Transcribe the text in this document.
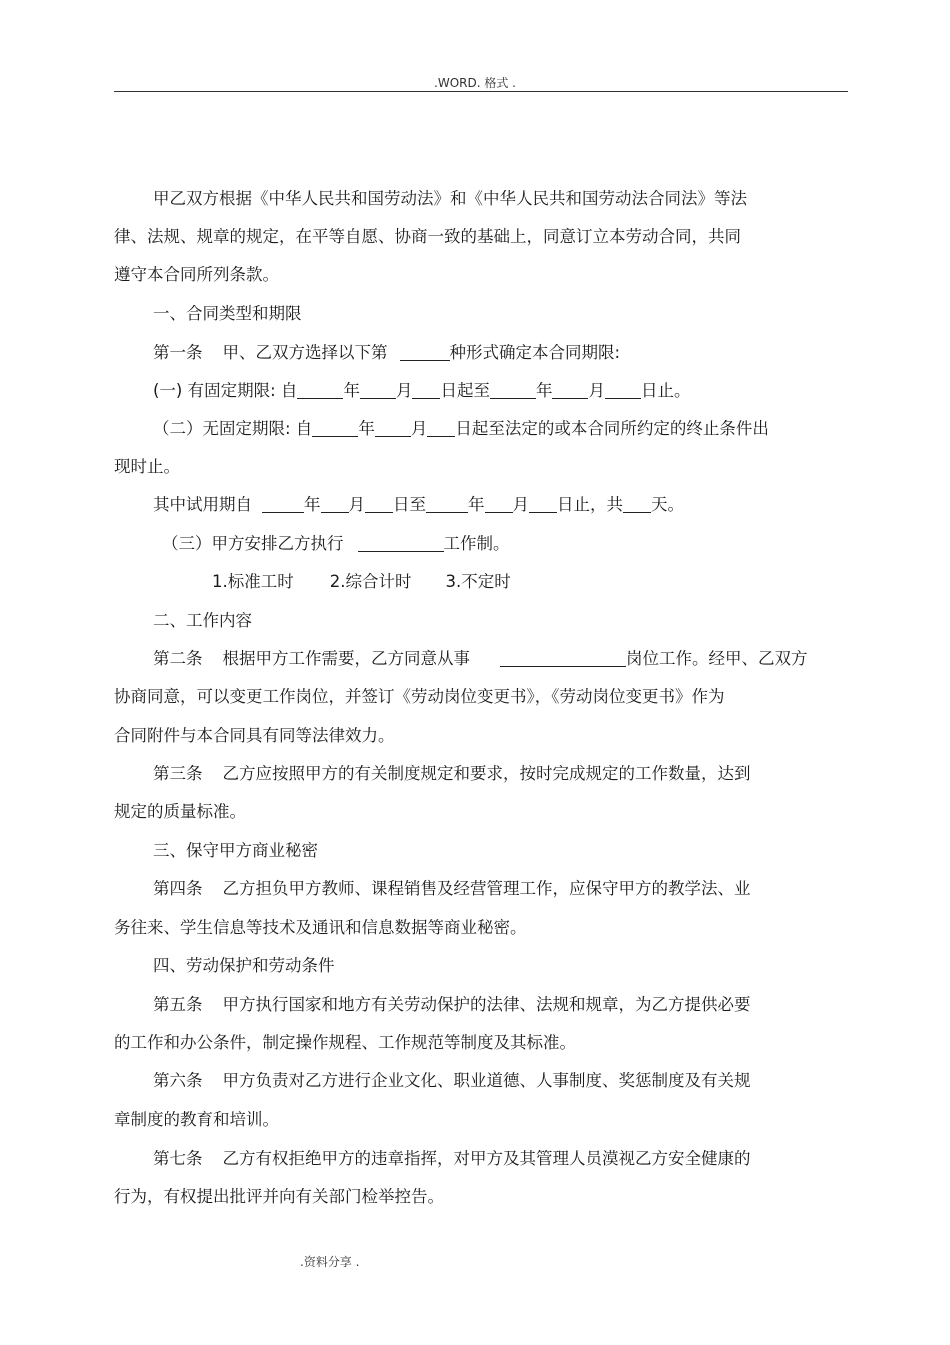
.WORD. 格式 .
甲乙双方根据《中华人民共和国劳动法》和《中华人民共和国劳动法合同法》等法
律、法规、规章的规定，在平等自愿、协商一致的基础上，同意订立本劳动合同，共同
遵守本合同所列条款。
一、合同类型和期限
第一条 甲、乙双方选择以下第	种形式确定本合同期限:
(一) 有固定期限: 自	年 月 日起至	年 月 日止。
（二）无固定期限: 自	年 月 日起至法定的或本合同所约定的终止条件出
现时止。
其中试用期自	年 月 日至	年 月 日止，共 天。
（三）甲方安排乙方执行	工作制。
1.标准工时 2.综合计时 3.不定时
二、工作内容
第二条 根据甲方工作需要，乙方同意从事	岗位工作。经甲、乙双方
协商同意，可以变更工作岗位，并签订《劳动岗位变更书》，《劳动岗位变更书》作为
合同附件与本合同具有同等法律效力。
第三条 乙方应按照甲方的有关制度规定和要求，按时完成规定的工作数量，达到
规定的质量标准。
三、保守甲方商业秘密
第四条 乙方担负甲方教师、课程销售及经营管理工作，应保守甲方的教学法、业
务往来、学生信息等技术及通讯和信息数据等商业秘密。
四、劳动保护和劳动条件
第五条 甲方执行国家和地方有关劳动保护的法律、法规和规章，为乙方提供必要
的工作和办公条件，制定操作规程、工作规范等制度及其标准。
第六条 甲方负责对乙方进行企业文化、职业道德、人事制度、奖惩制度及有关规
章制度的教育和培训。
第七条 乙方有权拒绝甲方的违章指挥，对甲方及其管理人员漠视乙方安全健康的
行为，有权提出批评并向有关部门检举控告。
.资料分享 .
